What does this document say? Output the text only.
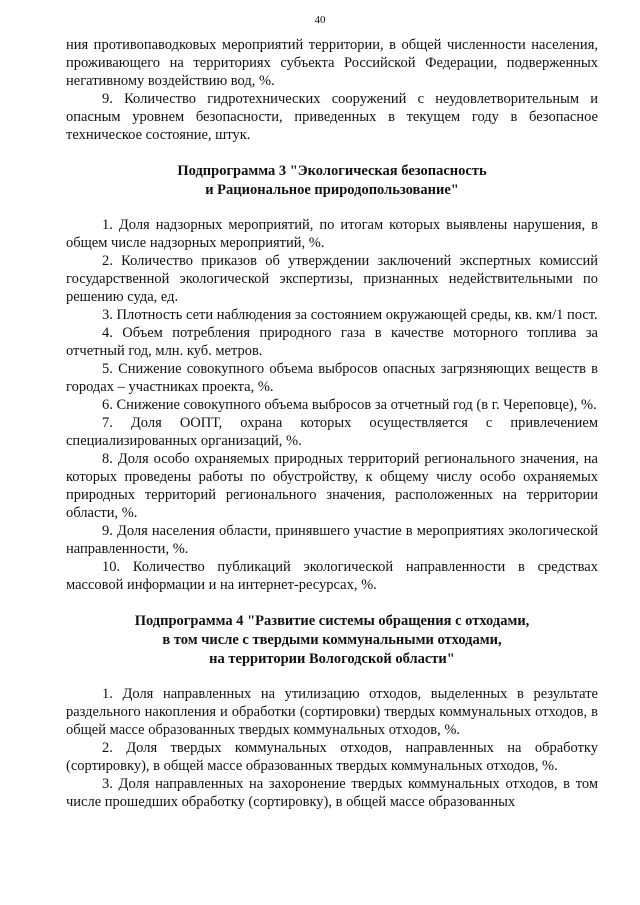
40

ния противопаводковых мероприятий территории, в общей численности населения, проживающего на территориях субъекта Российской Федерации, подверженных негативному воздействию вод, %.

9. Количество гидротехнических сооружений с неудовлетворительным и опасным уровнем безопасности, приведенных в текущем году в безопасное техническое состояние, штук.

Подпрограмма 3 "Экологическая безопасность
и Рациональное природопользование"

1. Доля надзорных мероприятий, по итогам которых выявлены нарушения, в общем числе надзорных мероприятий, %.

2. Количество приказов об утверждении заключений экспертных комиссий государственной экологической экспертизы, признанных недействительными по решению суда, ед.

3. Плотность сети наблюдения за состоянием окружающей среды, кв. км/1 пост.

4. Объем потребления природного газа в качестве моторного топлива за отчетный год, млн. куб. метров.

5. Снижение совокупного объема выбросов опасных загрязняющих веществ в городах – участниках проекта, %.

6. Снижение совокупного объема выбросов за отчетный год (в г. Череповце), %.

7. Доля ООПТ, охрана которых осуществляется с привлечением специализированных организаций, %.

8. Доля особо охраняемых природных территорий регионального значения, на которых проведены работы по обустройству, к общему числу особо охраняемых природных территорий регионального значения, расположенных на территории области, %.

9. Доля населения области, принявшего участие в мероприятиях экологической направленности, %.

10. Количество публикаций экологической направленности в средствах массовой информации и на интернет-ресурсах, %.

Подпрограмма 4 "Развитие системы обращения с отходами,
в том числе с твердыми коммунальными отходами,
на территории Вологодской области"

1. Доля направленных на утилизацию отходов, выделенных в результате раздельного накопления и обработки (сортировки) твердых коммунальных отходов, в общей массе образованных твердых коммунальных отходов, %.

2. Доля твердых коммунальных отходов, направленных на обработку (сортировку), в общей массе образованных твердых коммунальных отходов, %.

3. Доля направленных на захоронение твердых коммунальных отходов, в том числе прошедших обработку (сортировку), в общей массе образованных
